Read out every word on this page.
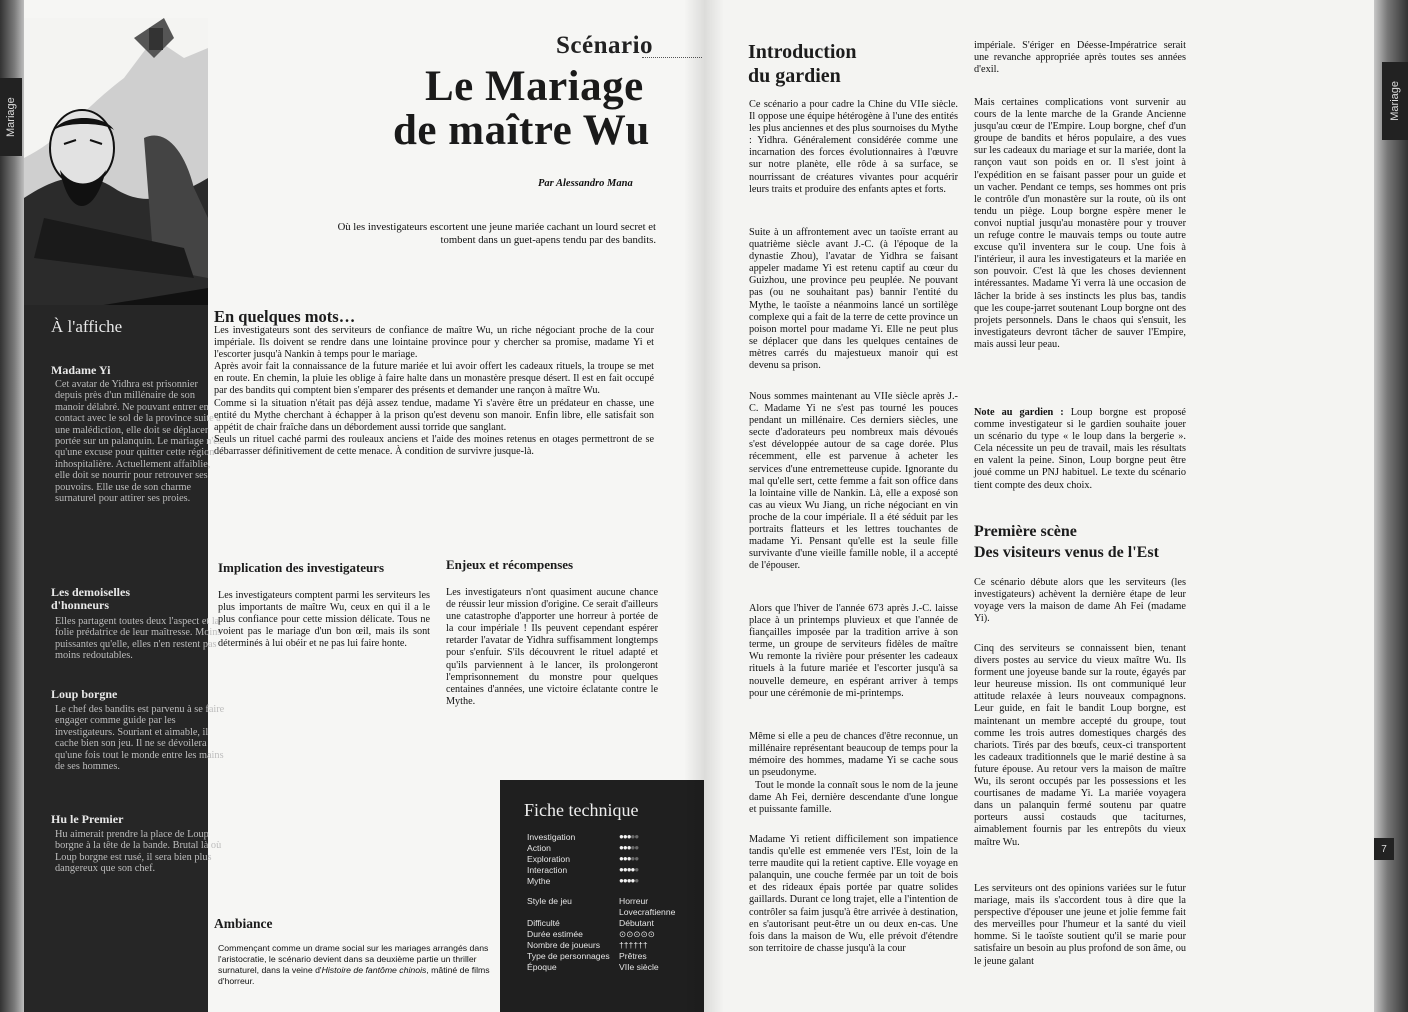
Mariage
À l'affiche
Madame Yi
Cet avatar de Yidhra est prisonnier depuis près d'un millénaire de son manoir délabré. Ne pouvant entrer en contact avec le sol de la province suite à une malédiction, elle doit se déplacer portée sur un palanquin. Le mariage n'est qu'une excuse pour quitter cette région inhospitalière. Actuellement affaiblie, elle doit se nourrir pour retrouver ses pouvoirs. Elle use de son charme surnaturel pour attirer ses proies.
Les demoiselles d'honneurs
Elles partagent toutes deux l'aspect et la folie prédatrice de leur maîtresse. Moins puissantes qu'elle, elles n'en restent pas moins redoutables.
Loup borgne
Le chef des bandits est parvenu à se faire engager comme guide par les investigateurs. Souriant et aimable, il cache bien son jeu. Il ne se dévoilera qu'une fois tout le monde entre les mains de ses hommes.
Hu le Premier
Hu aimerait prendre la place de Loup borgne à la tête de la bande. Brutal là où Loup borgne est rusé, il sera bien plus dangereux que son chef.
Scénario
Le Mariage
de maître Wu
Par Alessandro Mana
Où les investigateurs escortent une jeune mariée cachant un lourd secret et tombent dans un guet-apens tendu par des bandits.
En quelques mots…
Les investigateurs sont des serviteurs de confiance de maître Wu, un riche négociant proche de la cour impériale. Ils doivent se rendre dans une lointaine province pour y chercher sa promise, madame Yi et l'escorter jusqu'à Nankin à temps pour le mariage.
Après avoir fait la connaissance de la future mariée et lui avoir offert les cadeaux rituels, la troupe se met en route. En chemin, la pluie les oblige à faire halte dans un monastère presque désert. Il est en fait occupé par des bandits qui comptent bien s'emparer des présents et demander une rançon à maître Wu.
Comme si la situation n'était pas déjà assez tendue, madame Yi s'avère être un prédateur en chasse, une entité du Mythe cherchant à échapper à la prison qu'est devenu son manoir. Enfin libre, elle satisfait son appétit de chair fraîche dans un débordement aussi torride que sanglant.
Seuls un rituel caché parmi des rouleaux anciens et l'aide des moines retenus en otages permettront de se débarrasser définitivement de cette menace. À condition de survivre jusque-là.
Implication des investigateurs
Les investigateurs comptent parmi les serviteurs les plus importants de maître Wu, ceux en qui il a le plus confiance pour cette mission délicate. Tous ne voient pas le mariage d'un bon œil, mais ils sont déterminés à lui obéir et ne pas lui faire honte.
Enjeux et récompenses
Les investigateurs n'ont quasiment aucune chance de réussir leur mission d'origine. Ce serait d'ailleurs une catastrophe d'apporter une horreur à portée de la cour impériale ! Ils peuvent cependant espérer retarder l'avatar de Yidhra suffisamment longtemps pour s'enfuir. S'ils découvrent le rituel adapté et qu'ils parviennent à le lancer, ils prolongeront l'emprisonnement du monstre pour quelques centaines d'années, une victoire éclatante contre le Mythe.
Ambiance
Commençant comme un drame social sur les mariages arrangés dans l'aristocratie, le scénario devient dans sa deuxième partie un thriller surnaturel, dans la veine d'Histoire de fantôme chinois, mâtiné de films d'horreur.
Fiche technique
Investigation	●●●●●
Action	●●●●●
Exploration	●●●●●
Interaction	●●●●●
Mythe	●●●●●
Style de jeu	Horreur Lovecraftienne
Difficulté	Débutant
Durée estimée	⊙⊙⊙⊙⊙
Nombre de joueurs ††††††
Type de personnages Prêtres
Époque	VIIe siècle
Mariage
7
Introduction
du gardien
Ce scénario a pour cadre la Chine du VIIe siècle. Il oppose une équipe hétérogène à l'une des entités les plus anciennes et des plus sournoises du Mythe : Yidhra. Généralement considérée comme une incarnation des forces évolutionnaires à l'œuvre sur notre planète, elle rôde à sa surface, se nourrissant de créatures vivantes pour acquérir leurs traits et produire des enfants aptes et forts.
Suite à un affrontement avec un taoïste errant au quatrième siècle avant J.-C. (à l'époque de la dynastie Zhou), l'avatar de Yidhra se faisant appeler madame Yi est retenu captif au cœur du Guizhou, une province peu peuplée. Ne pouvant pas (ou ne souhaitant pas) bannir l'entité du Mythe, le taoïste a néanmoins lancé un sortilège complexe qui a fait de la terre de cette province un poison mortel pour madame Yi. Elle ne peut plus se déplacer que dans les quelques centaines de mètres carrés du majestueux manoir qui est devenu sa prison.
Nous sommes maintenant au VIIe siècle après J.-C. Madame Yi ne s'est pas tourné les pouces pendant un millénaire. Ces derniers siècles, une secte d'adorateurs peu nombreux mais dévoués s'est développée autour de sa cage dorée. Plus récemment, elle est parvenue à acheter les services d'une entremetteuse cupide. Ignorante du mal qu'elle sert, cette femme a fait son office dans la lointaine ville de Nankin. Là, elle a exposé son cas au vieux Wu Jiang, un riche négociant en vin proche de la cour impériale. Il a été séduit par les portraits flatteurs et les lettres touchantes de madame Yi. Pensant qu'elle est la seule fille survivante d'une vieille famille noble, il a accepté de l'épouser.
Alors que l'hiver de l'année 673 après J.-C. laisse place à un printemps pluvieux et que l'année de fiançailles imposée par la tradition arrive à son terme, un groupe de serviteurs fidèles de maître Wu remonte la rivière pour présenter les cadeaux rituels à la future mariée et l'escorter jusqu'à sa nouvelle demeure, en espérant arriver à temps pour une cérémonie de mi-printemps.
Même si elle a peu de chances d'être reconnue, un millénaire représentant beaucoup de temps pour la mémoire des hommes, madame Yi se cache sous un pseudonyme.
Tout le monde la connaît sous le nom de la jeune dame Ah Fei, dernière descendante d'une longue et puissante famille.
Madame Yi retient difficilement son impatience tandis qu'elle est emmenée vers l'Est, loin de la terre maudite qui la retient captive. Elle voyage en palanquin, une couche fermée par un toit de bois et des rideaux épais portée par quatre solides gaillards. Durant ce long trajet, elle a l'intention de contrôler sa faim jusqu'à être arrivée à destination, en s'autorisant peut-être un ou deux en-cas. Une fois dans la maison de Wu, elle prévoit d'étendre son territoire de chasse jusqu'à la cour
impériale. S'ériger en Déesse-Impératrice serait une revanche appropriée après toutes ses années d'exil.
Mais certaines complications vont survenir au cours de la lente marche de la Grande Ancienne jusqu'au cœur de l'Empire. Loup borgne, chef d'un groupe de bandits et héros populaire, a des vues sur les cadeaux du mariage et sur la mariée, dont la rançon vaut son poids en or. Il s'est joint à l'expédition en se faisant passer pour un guide et un vacher. Pendant ce temps, ses hommes ont pris le contrôle d'un monastère sur la route, où ils ont tendu un piège. Loup borgne espère mener le convoi nuptial jusqu'au monastère pour y trouver un refuge contre le mauvais temps ou toute autre excuse qu'il inventera sur le coup. Une fois à l'intérieur, il aura les investigateurs et la mariée en son pouvoir. C'est là que les choses deviennent intéressantes. Madame Yi verra là une occasion de lâcher la bride à ses instincts les plus bas, tandis que les coupe-jarret soutenant Loup borgne ont des projets personnels. Dans le chaos qui s'ensuit, les investigateurs devront tâcher de sauver l'Empire, mais aussi leur peau.
Note au gardien : Loup borgne est proposé comme investigateur si le gardien souhaite jouer un scénario du type « le loup dans la bergerie ». Cela nécessite un peu de travail, mais les résultats en valent la peine. Sinon, Loup borgne peut être joué comme un PNJ habituel. Le texte du scénario tient compte des deux choix.
Première scène
Des visiteurs venus de l'Est
Ce scénario débute alors que les serviteurs (les investigateurs) achèvent la dernière étape de leur voyage vers la maison de dame Ah Fei (madame Yi).
Cinq des serviteurs se connaissent bien, tenant divers postes au service du vieux maître Wu. Ils forment une joyeuse bande sur la route, égayés par leur heureuse mission. Ils ont communiqué leur attitude relaxée à leurs nouveaux compagnons. Leur guide, en fait le bandit Loup borgne, est maintenant un membre accepté du groupe, tout comme les trois autres domestiques chargés des chariots. Tirés par des bœufs, ceux-ci transportent les cadeaux traditionnels que le marié destine à sa future épouse. Au retour vers la maison de maître Wu, ils seront occupés par les possessions et les courtisanes de madame Yi. La mariée voyagera dans un palanquin fermé soutenu par quatre porteurs aussi costauds que taciturnes, aimablement fournis par les entrepôts du vieux maître Wu.
Les serviteurs ont des opinions variées sur le futur mariage, mais ils s'accordent tous à dire que la perspective d'épouser une jeune et jolie femme fait des merveilles pour l'humeur et la santé du vieil homme. Si le taoïste soutient qu'il se marie pour satisfaire un besoin au plus profond de son âme, ou le jeune galant
